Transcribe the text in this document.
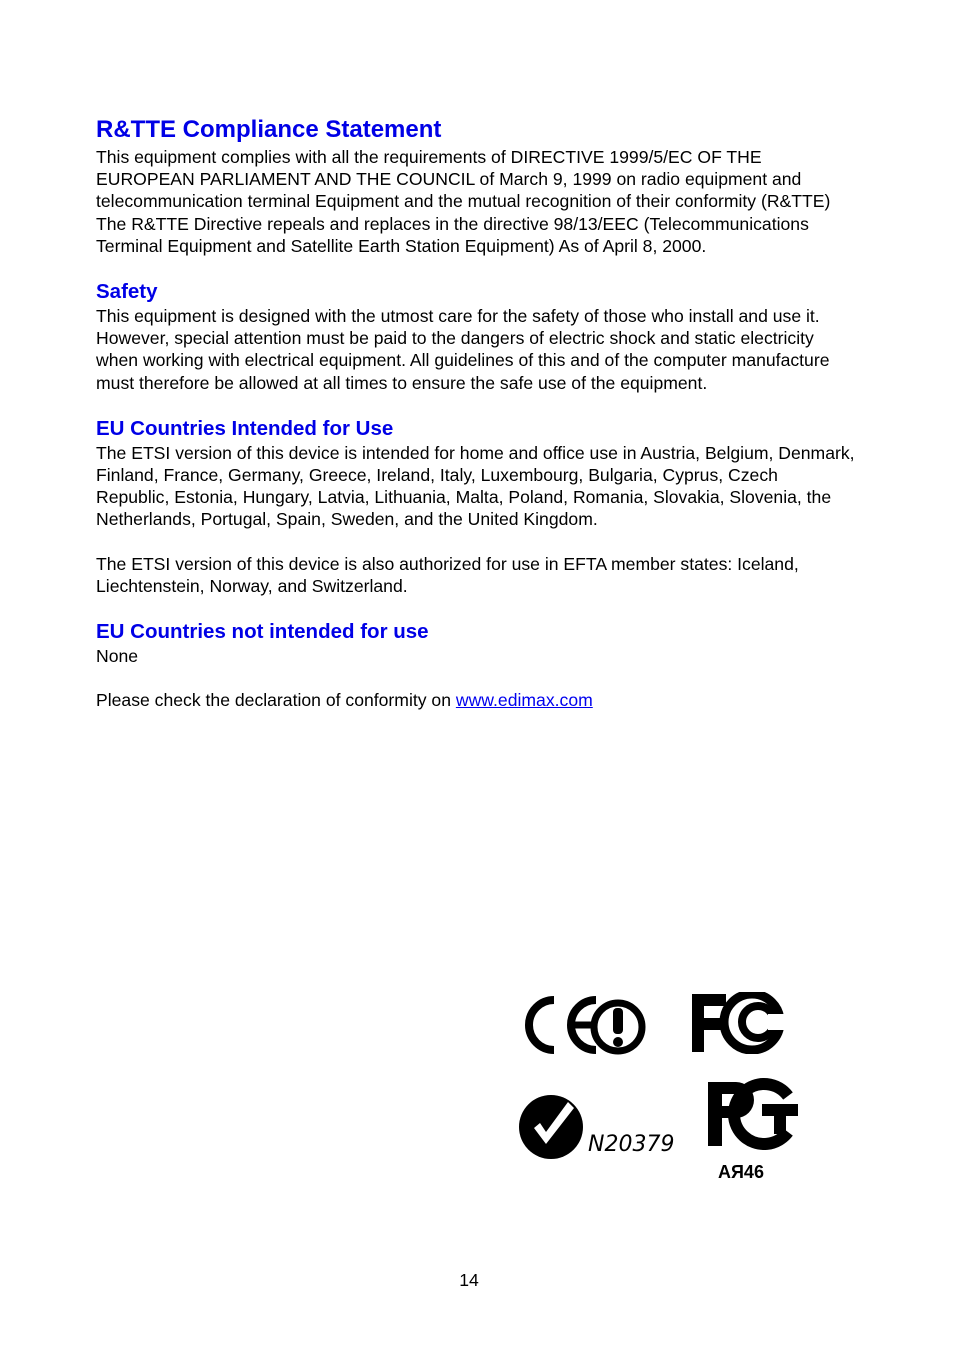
R&TTE Compliance Statement

This equipment complies with all the requirements of DIRECTIVE 1999/5/EC OF THE EUROPEAN PARLIAMENT AND THE COUNCIL of March 9, 1999 on radio equipment and telecommunication terminal Equipment and the mutual recognition of their conformity (R&TTE)

The R&TTE Directive repeals and replaces in the directive 98/13/EEC (Telecommunications Terminal Equipment and Satellite Earth Station Equipment) As of April 8, 2000.

Safety

This equipment is designed with the utmost care for the safety of those who install and use it. However, special attention must be paid to the dangers of electric shock and static electricity when working with electrical equipment. All guidelines of this and of the computer manufacture must therefore be allowed at all times to ensure the safe use of the equipment.

EU Countries Intended for Use

The ETSI version of this device is intended for home and office use in Austria, Belgium, Denmark, Finland, France, Germany, Greece, Ireland, Italy, Luxembourg, Bulgaria, Cyprus, Czech Republic, Estonia, Hungary, Latvia, Lithuania, Malta, Poland, Romania, Slovakia, Slovenia, the Netherlands, Portugal, Spain, Sweden, and the United Kingdom.

The ETSI version of this device is also authorized for use in EFTA member states: Iceland, Liechtenstein, Norway, and Switzerland.

EU Countries not intended for use

None

Please check the declaration of conformity on www.edimax.com

N20379
АЯ46
14
